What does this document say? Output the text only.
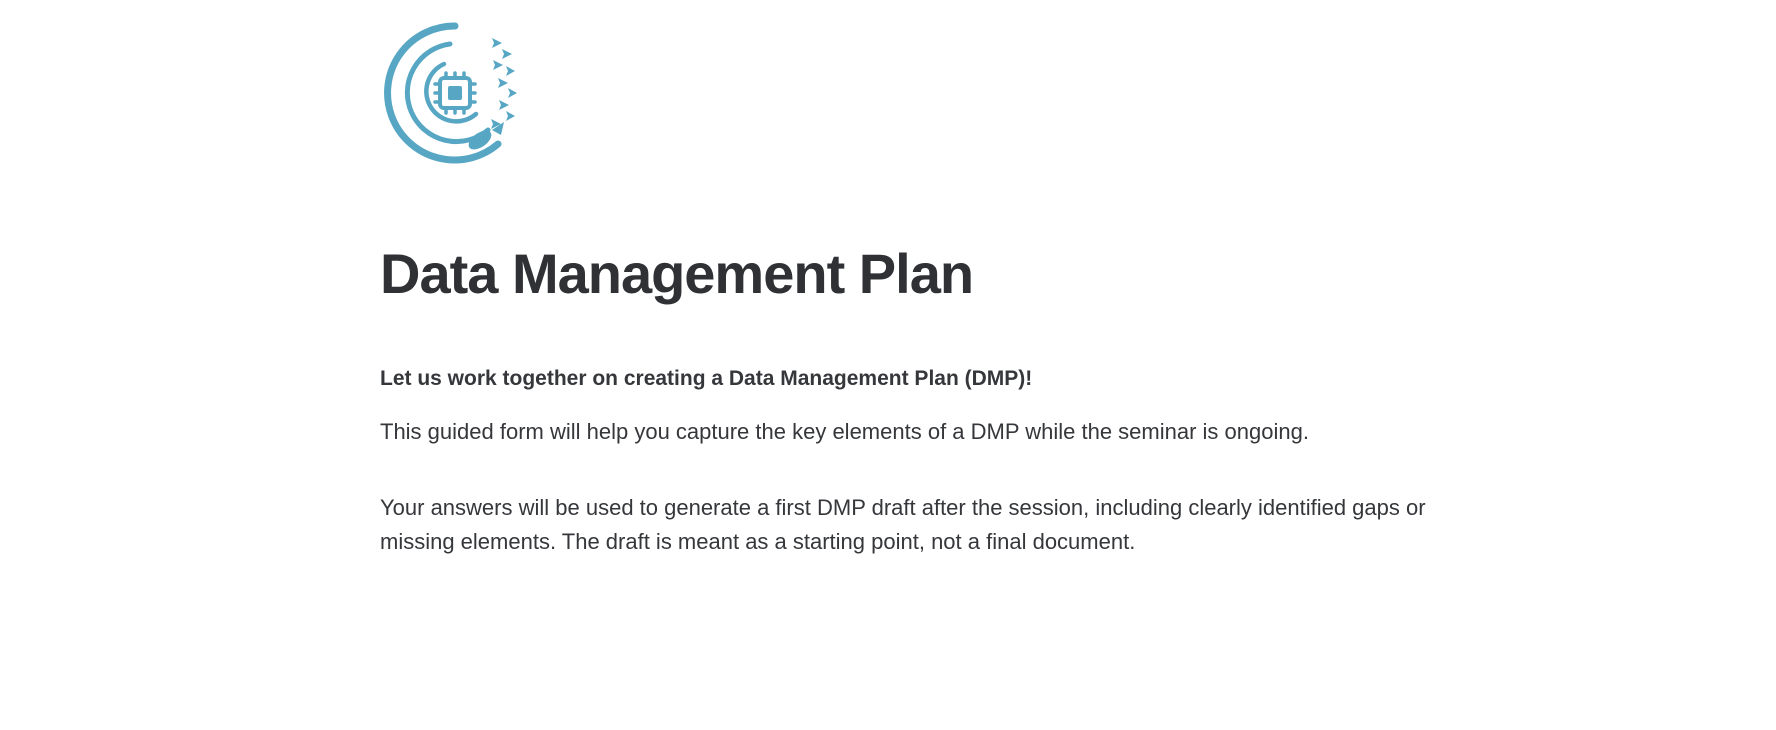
Data Management Plan

Let us work together on creating a Data Management Plan (DMP)!

This guided form will help you capture the key elements of a DMP while the seminar is ongoing.

Your answers will be used to generate a first DMP draft after the session, including clearly identified gaps or missing elements. The draft is meant as a starting point, not a final document.
